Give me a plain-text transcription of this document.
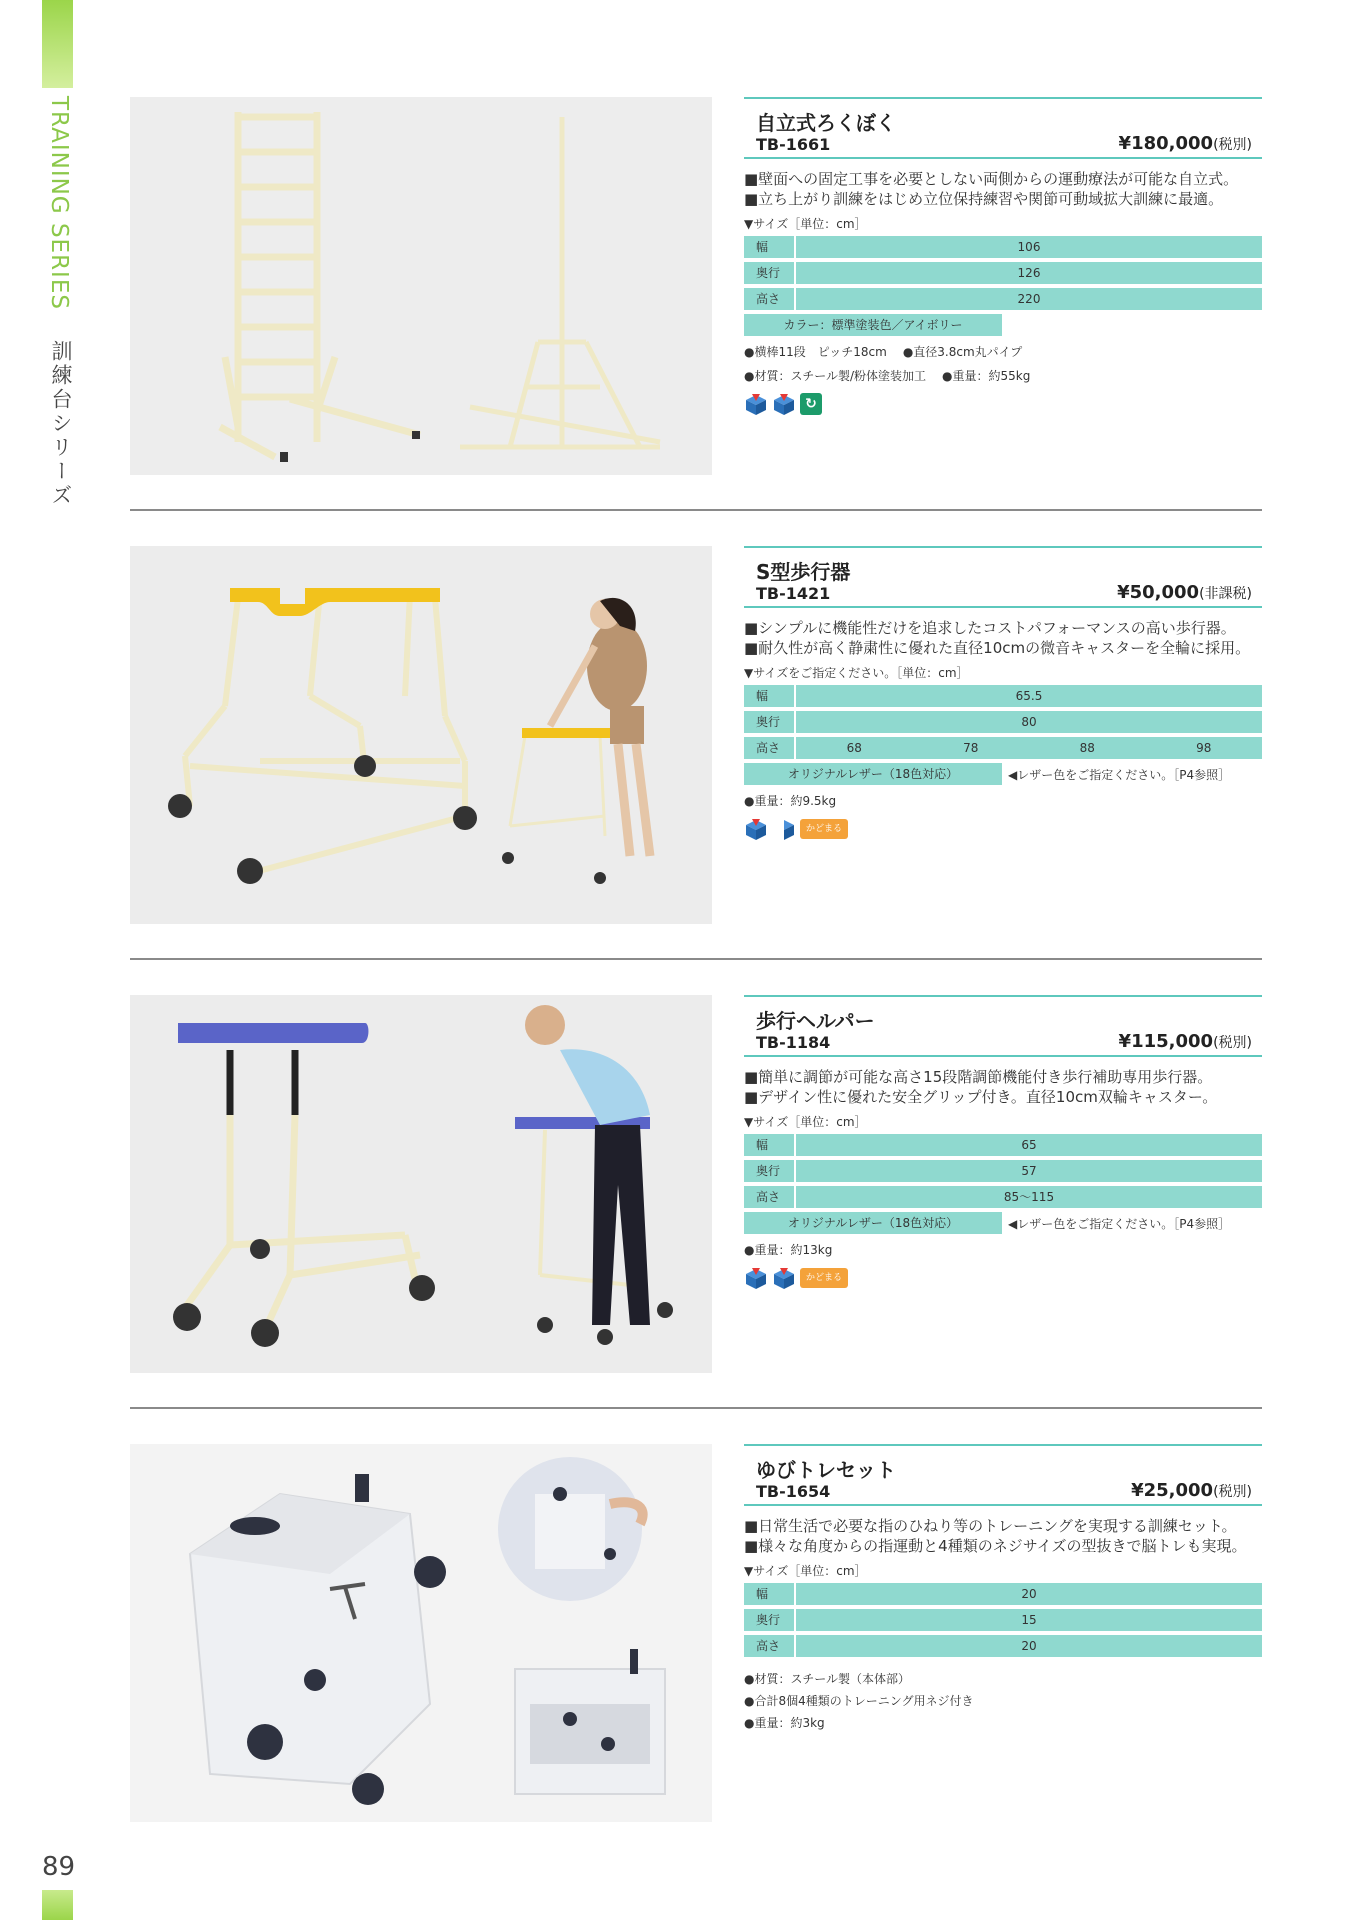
TRAINING SERIES
訓練台シリーズ
89
自立式ろくぼく
TB-1661	¥180,000(税別)
■壁面への固定工事を必要としない両側からの運動療法が可能な自立式。
■立ち上がり訓練をはじめ立位保持練習や関節可動域拡大訓練に最適。
▼サイズ［単位：cm］
幅	106
奥行	126
高さ	220
カラー：標準塗装色／アイボリー
●横棒11段　ピッチ18cm ●直径3.8cm丸パイプ
●材質：スチール製/粉体塗装加工 ●重量：約55kg
↻
S型歩行器
TB-1421	¥50,000(非課税)
■シンプルに機能性だけを追求したコストパフォーマンスの高い歩行器。
■耐久性が高く静粛性に優れた直径10cmの微音キャスターを全輪に採用。
▼サイズをご指定ください。［単位：cm］
幅	65.5
奥行	80
高さ	68	78	88	98
オリジナルレザー（18色対応）	◀レザー色をご指定ください。［P4参照］
●重量：約9.5kg
かどまる
歩行ヘルパー
TB-1184	¥115,000(税別)
■簡単に調節が可能な高さ15段階調節機能付き歩行補助専用歩行器。
■デザイン性に優れた安全グリップ付き。直径10cm双輪キャスター。
▼サイズ［単位：cm］
幅	65
奥行	57
高さ	85〜115
オリジナルレザー（18色対応）	◀レザー色をご指定ください。［P4参照］
●重量：約13kg
かどまる
ゆびトレセット
TB-1654	¥25,000(税別)
■日常生活で必要な指のひねり等のトレーニングを実現する訓練セット。
■様々な角度からの指運動と4種類のネジサイズの型抜きで脳トレも実現。
▼サイズ［単位：cm］
幅	20
奥行	15
高さ	20
●材質：スチール製（本体部）
●合計8個4種類のトレーニング用ネジ付き
●重量：約3kg
